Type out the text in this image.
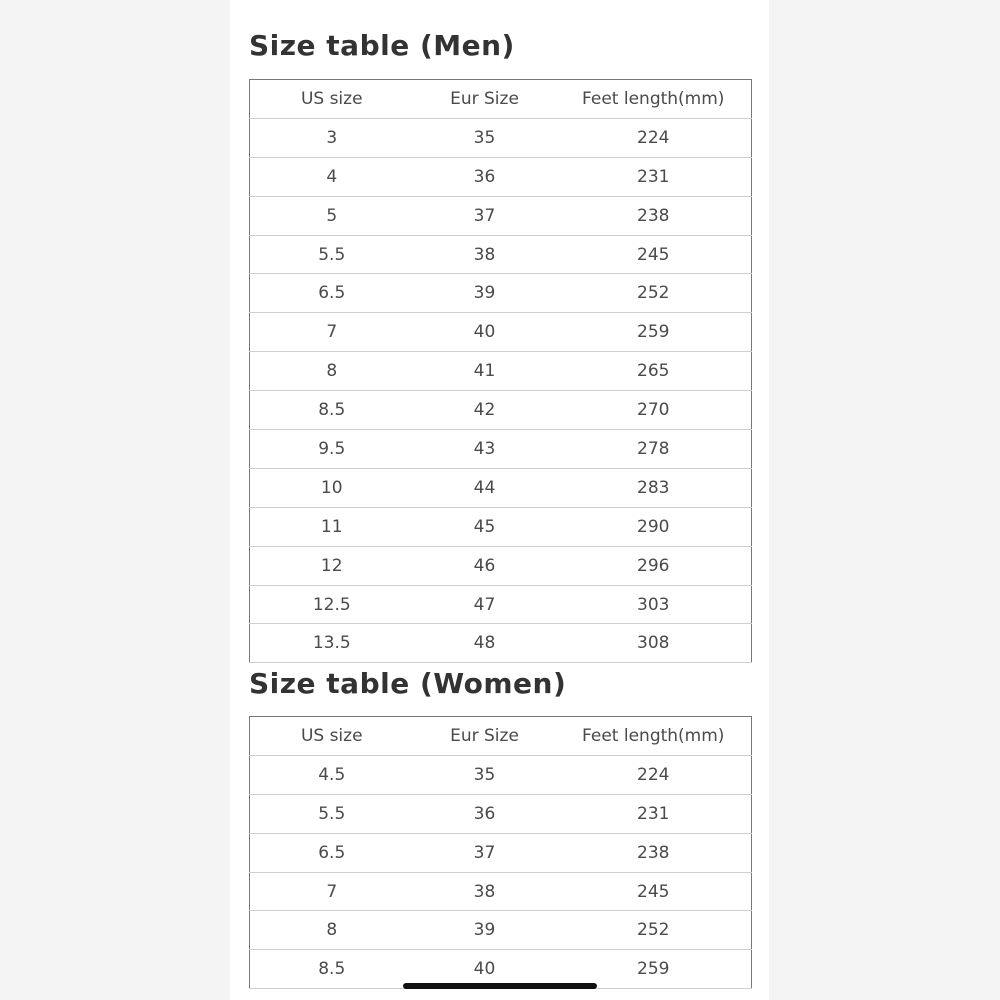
Size table (Men)
US size	Eur Size	Feet length(mm)
3	35	224
4	36	231
5	37	238
5.5	38	245
6.5	39	252
7	40	259
8	41	265
8.5	42	270
9.5	43	278
10	44	283
11	45	290
12	46	296
12.5	47	303
13.5	48	308
Size table (Women)
US size	Eur Size	Feet length(mm)
4.5	35	224
5.5	36	231
6.5	37	238
7	38	245
8	39	252
8.5	40	259
